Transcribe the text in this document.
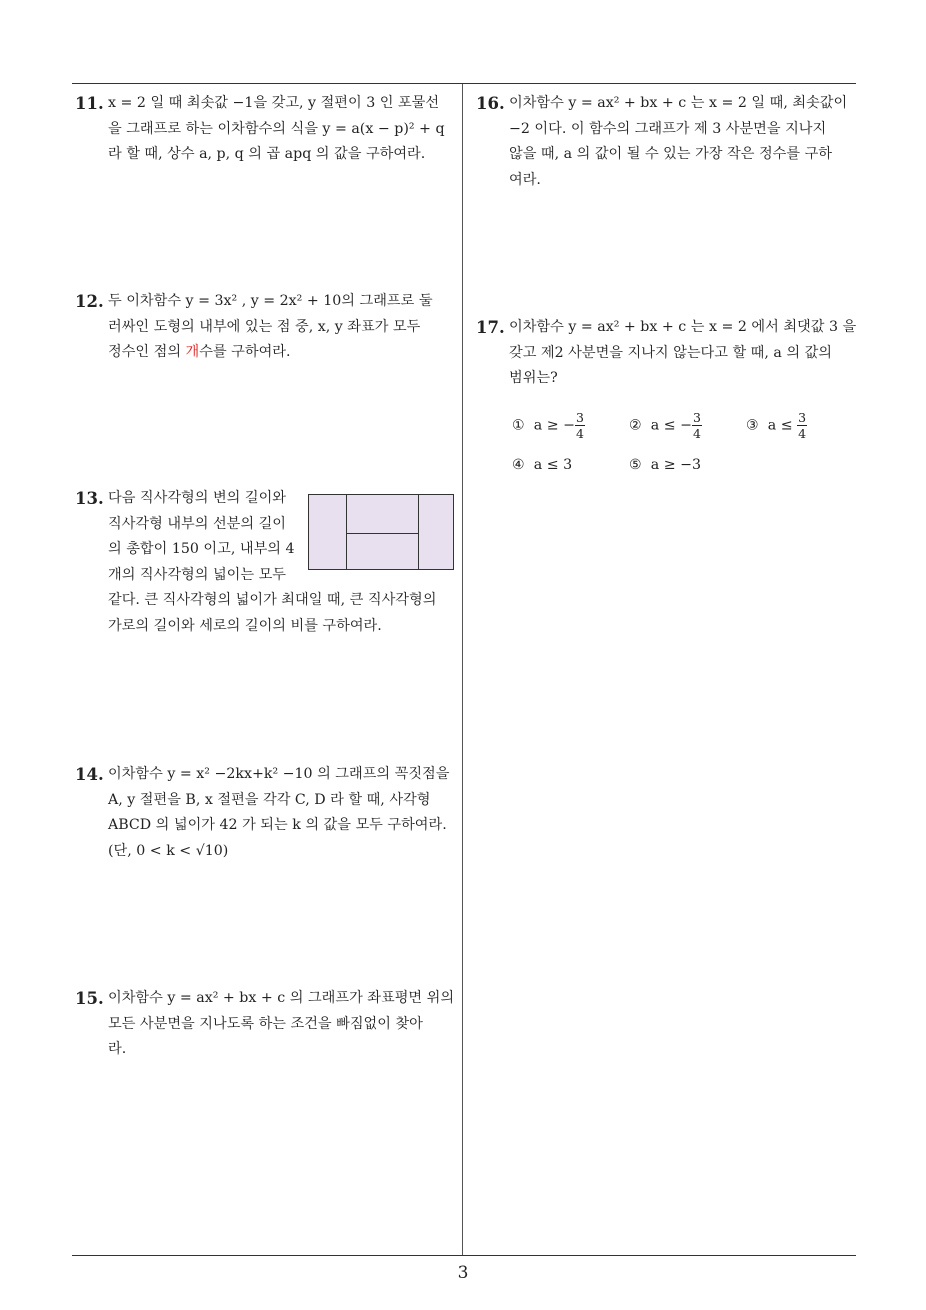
11. x = 2 일 때 최솟값 −1을 갖고, y 절편이 3 인 포물선
을 그래프로 하는 이차함수의 식을 y = a(x − p)² + q
라 할 때, 상수 a, p, q 의 곱 apq 의 값을 구하여라.
12. 두 이차함수 y = 3x² , y = 2x² + 10의 그래프로 둘
러싸인 도형의 내부에 있는 점 중, x, y 좌표가 모두
정수인 점의 개수를 구하여라.
13. 다음 직사각형의 변의 길이와
직사각형 내부의 선분의 길이
의 총합이 150 이고, 내부의 4
개의 직사각형의 넓이는 모두
같다. 큰 직사각형의 넓이가 최대일 때, 큰 직사각형의
가로의 길이와 세로의 길이의 비를 구하여라.
14. 이차함수 y = x² −2kx+k² −10 의 그래프의 꼭짓점을
A, y 절편을 B, x 절편을 각각 C, D 라 할 때, 사각형
ABCD 의 넓이가 42 가 되는 k 의 값을 모두 구하여라.
(단, 0 < k < √10)
15. 이차함수 y = ax² + bx + c 의 그래프가 좌표평면 위의
모든 사분면을 지나도록 하는 조건을 빠짐없이 찾아
라.
16. 이차함수 y = ax² + bx + c 는 x = 2 일 때, 최솟값이
−2 이다. 이 함수의 그래프가 제 3 사분면을 지나지
않을 때, a 의 값이 될 수 있는 가장 작은 정수를 구하
여라.
17. 이차함수 y = ax² + bx + c 는 x = 2 에서 최댓값 3 을
갖고 제2 사분면을 지나지 않는다고 할 때, a 의 값의
범위는?
① a ≥ − $\frac{3}{4}$	② a ≤ − $\frac{3}{4}$	③ $a \le \frac{3}{4}$
④ a ≤ 3	⑤ a ≥ −3
3
